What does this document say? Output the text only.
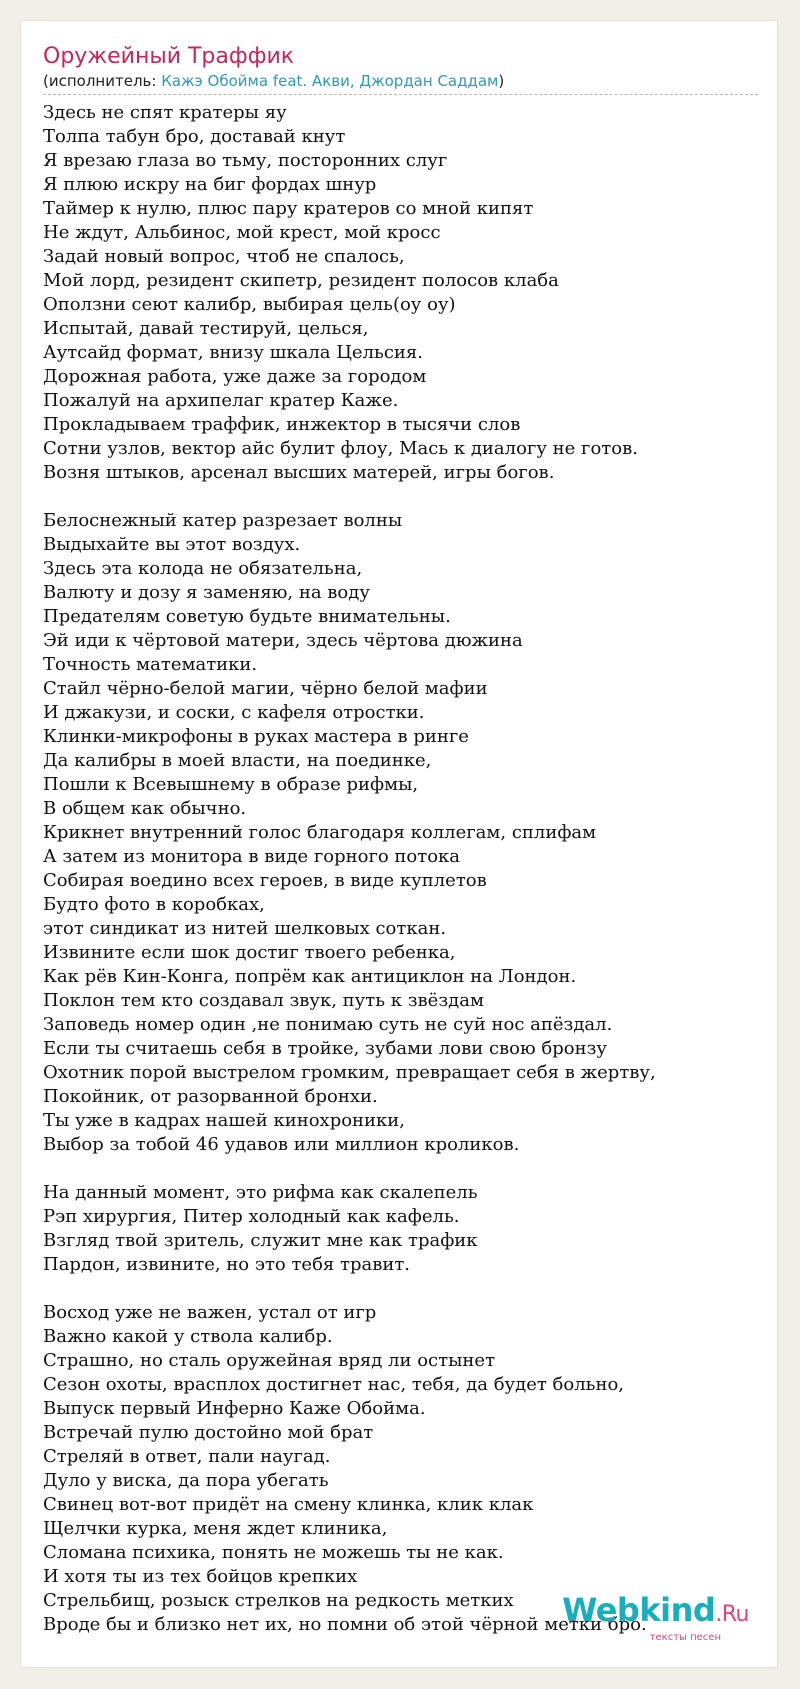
Оружейный Траффик
(исполнитель: Кажэ Обойма feat. Акви, Джордан Саддам)
Здесь не спят кратеры яу
Толпа табун бро, доставай кнут
Я врезаю глаза во тьму, посторонних слуг
Я плюю искру на биг фордах шнур
Таймер к нулю, плюс пару кратеров со мной кипят
Не ждут, Альбинос, мой крест, мой кросс
Задай новый вопрос, чтоб не спалось,
Мой лорд, резидент скипетр, резидент полосов клаба
Оползни сеют калибр, выбирая цель(оу оу)
Испытай, давай тестируй, целься,
Аутсайд формат, внизу шкала Цельсия.
Дорожная работа, уже даже за городом
Пожалуй на архипелаг кратер Каже.
Прокладываем траффик, инжектор в тысячи слов
Сотни узлов, вектор айс булит флоу, Мась к диалогу не готов.
Возня штыков, арсенал высших матерей, игры богов.
Белоснежный катер разрезает волны
Выдыхайте вы этот воздух.
Здесь эта колода не обязательна,
Валюту и дозу я заменяю, на воду
Предателям советую будьте внимательны.
Эй иди к чёртовой матери, здесь чёртова дюжина
Точность математики.
Стайл чёрно-белой магии, чёрно белой мафии
И джакузи, и соски, с кафеля отростки.
Клинки-микрофоны в руках мастера в ринге
Да калибры в моей власти, на поединке,
Пошли к Всевышнему в образе рифмы,
В общем как обычно.
Крикнет внутренний голос благодаря коллегам, сплифам
А затем из монитора в виде горного потока
Собирая воедино всех героев, в виде куплетов
Будто фото в коробках,
этот синдикат из нитей шелковых соткан.
Извините если шок достиг твоего ребенка,
Как рёв Кин-Конга, попрём как антициклон на Лондон.
Поклон тем кто создавал звук, путь к звёздам
Заповедь номер один ,не понимаю суть не суй нос апёздал.
Если ты считаешь себя в тройке, зубами лови свою бронзу
Охотник порой выстрелом громким, превращает себя в жертву,
Покойник, от разорванной бронхи.
Ты уже в кадрах нашей кинохроники,
Выбор за тобой 46 удавов или миллион кроликов.
На данный момент, это рифма как скалепель
Рэп хирургия, Питер холодный как кафель.
Взгляд твой зритель, служит мне как трафик
Пардон, извините, но это тебя травит.
Восход уже не важен, устал от игр
Важно какой у ствола калибр.
Страшно, но сталь оружейная вряд ли остынет
Сезон охоты, врасплох достигнет нас, тебя, да будет больно,
Выпуск первый Инферно Каже Обойма.
Встречай пулю достойно мой брат
Стреляй в ответ, пали наугад.
Дуло у виска, да пора убегать
Свинец вот-вот придёт на смену клинка, клик клак
Щелчки курка, меня ждет клиника,
Сломана психика, понять не можешь ты не как.
И хотя ты из тех бойцов крепких
Стрельбищ, розыск стрелков на редкость метких
Вроде бы и близко нет их, но помни об этой чёрной метки бро.
Webkind.Ru
тексты песен
